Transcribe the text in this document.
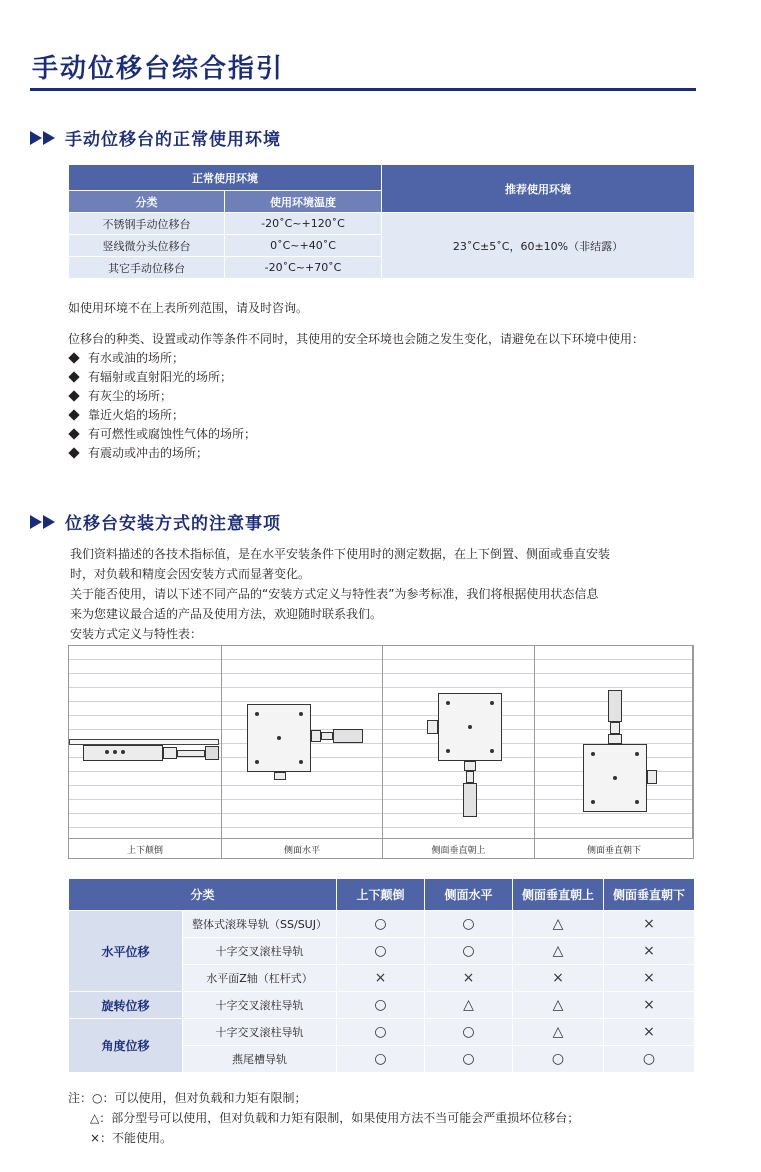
手动位移台综合指引
手动位移台的正常使用环境
正常使用环境		推荐使用环境
分类	使用环境温度	
不锈钢手动位移台	-20˚C~+120˚C	23˚C±5˚C，60±10%（非结露）
竖线微分头位移台	0˚C~+40˚C	
其它手动位移台	-20˚C~+70˚C	
如使用环境不在上表所列范围，请及时咨询。
位移台的种类、设置或动作等条件不同时，其使用的安全环境也会随之发生变化，请避免在以下环境中使用：
有水或油的场所；
有辐射或直射阳光的场所；
有灰尘的场所；
靠近火焰的场所；
有可燃性或腐蚀性气体的场所；
有震动或冲击的场所；
位移台安装方式的注意事项
我们资料描述的各技术指标值，是在水平安装条件下使用时的测定数据，在上下倒置、侧面或垂直安装
时，对负载和精度会因安装方式而显著变化。
关于能否使用，请以下述不同产品的“安装方式定义与特性表”为参考标准，我们将根据使用状态信息
来为您建议最合适的产品及使用方法，欢迎随时联系我们。
安装方式定义与特性表：
上下颠倒	侧面水平	侧面垂直朝上	侧面垂直朝下
分类		上下颠倒	侧面水平	侧面垂直朝上	侧面垂直朝下
水平位移	整体式滚珠导轨（SS/SUJ）	○	○	△	×
	十字交叉滚柱导轨	○	○	△	×
	水平面Z轴（杠杆式）	×	×	×	×
旋转位移	十字交叉滚柱导轨	○	△	△	×
角度位移	十字交叉滚柱导轨	○	○	△	×
	燕尾槽导轨	○	○	○	○
注：○：可以使用，但对负载和力矩有限制；
△：部分型号可以使用，但对负载和力矩有限制，如果使用方法不当可能会严重损坏位移台；
×：不能使用。
